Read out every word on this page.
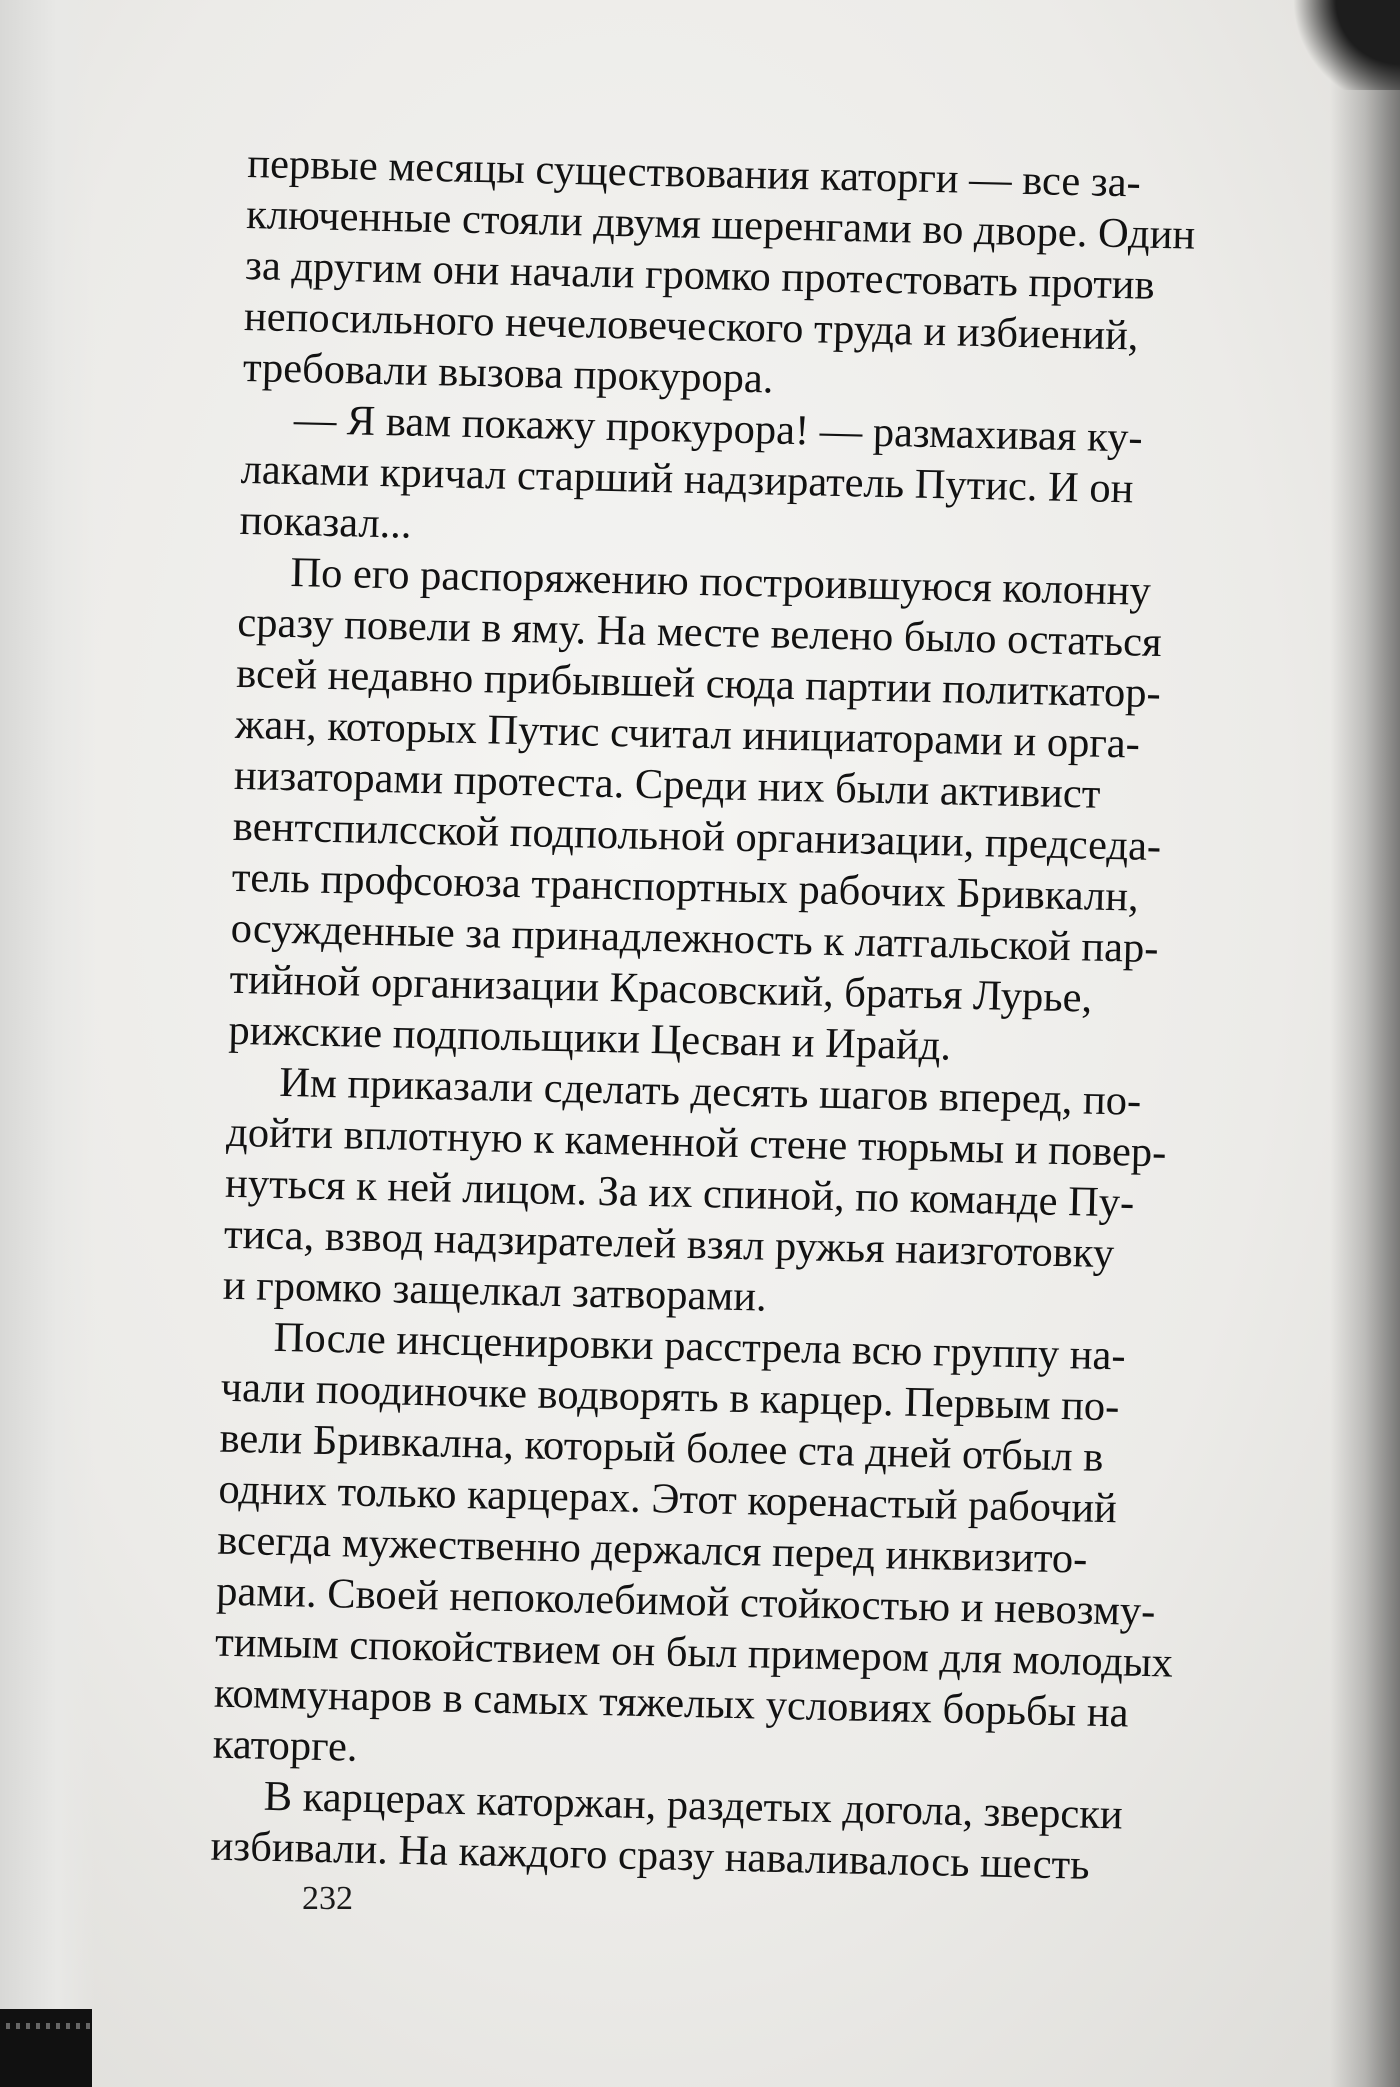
первые месяцы существования каторги — все за-
ключенные стояли двумя шеренгами во дворе. Один
за другим они начали громко протестовать против
непосильного нечеловеческого труда и избиений,
требовали вызова прокурора.

— Я вам покажу прокурора! — размахивая ку-
лаками кричал старший надзиратель Путис. И он
показал...

По его распоряжению построившуюся колонну
сразу повели в яму. На месте велено было остаться
всей недавно прибывшей сюда партии политкатор-
жан, которых Путис считал инициаторами и орга-
низаторами протеста. Среди них были активист
вентспилсской подпольной организации, председа-
тель профсоюза транспортных рабочих Бривкалн,
осужденные за принадлежность к латгальской пар-
тийной организации Красовский, братья Лурье,
рижские подпольщики Цесван и Ирайд.

Им приказали сделать десять шагов вперед, по-
дойти вплотную к каменной стене тюрьмы и повер-
нуться к ней лицом. За их спиной, по команде Пу-
тиса, взвод надзирателей взял ружья наизготовку
и громко защелкал затворами.

После инсценировки расстрела всю группу на-
чали поодиночке водворять в карцер. Первым по-
вели Бривкална, который более ста дней отбыл в
одних только карцерах. Этот коренастый рабочий
всегда мужественно держался перед инквизито-
рами. Своей непоколебимой стойкостью и невозму-
тимым спокойствием он был примером для молодых
коммунаров в самых тяжелых условиях борьбы на
каторге.

В карцерах каторжан, раздетых догола, зверски
избивали. На каждого сразу наваливалось шесть

232
